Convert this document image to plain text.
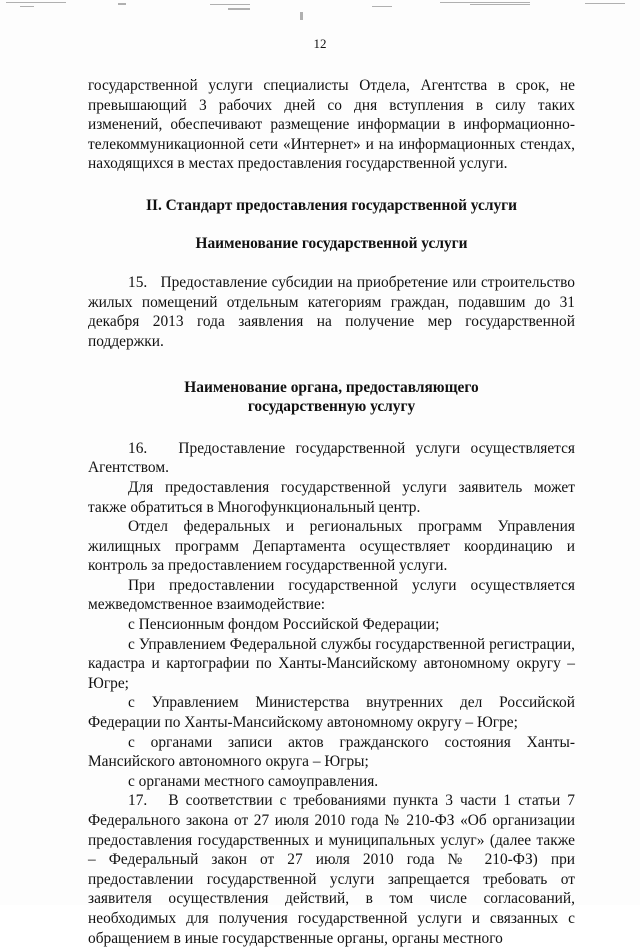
12

государственной услуги специалисты Отдела, Агентства в срок, не превышающий 3 рабочих дней со дня вступления в силу таких изменений, обеспечивают размещение информации в информационно-телекоммуникационной сети «Интернет» и на информационных стендах, находящихся в местах предоставления государственной услуги.

II. Стандарт предоставления государственной услуги

Наименование государственной услуги

15.   Предоставление субсидии на приобретение или строительство жилых помещений отдельным категориям граждан, подавшим до 31 декабря 2013 года заявления на получение мер государственной поддержки.

Наименование органа, предоставляющего

государственную услугу

16.   Предоставление государственной услуги осуществляется Агентством.

Для предоставления государственной услуги заявитель может также обратиться в Многофункциональный центр.

Отдел федеральных и региональных программ Управления жилищных программ Департамента осуществляет координацию и контроль за предоставлением государственной услуги.

При предоставлении государственной услуги осуществляется межведомственное взаимодействие:

с Пенсионным фондом Российской Федерации;

с Управлением Федеральной службы государственной регистрации, кадастра и картографии по Ханты-Мансийскому автономному округу – Югре;

с Управлением Министерства внутренних дел Российской Федерации по Ханты-Мансийскому автономному округу – Югре;

с органами записи актов гражданского состояния Ханты-Мансийского автономного округа – Югры;

с органами местного самоуправления.

17.   В соответствии с требованиями пункта 3 части 1 статьи 7 Федерального закона от 27 июля 2010 года № 210-ФЗ «Об организации предоставления государственных и муниципальных услуг» (далее также – Федеральный закон от 27 июля 2010 года № 210-ФЗ) при предоставлении государственной услуги запрещается требовать от заявителя осуществления действий, в том числе согласований, необходимых для получения государственной услуги и связанных с обращением в иные государственные органы, органы местного
